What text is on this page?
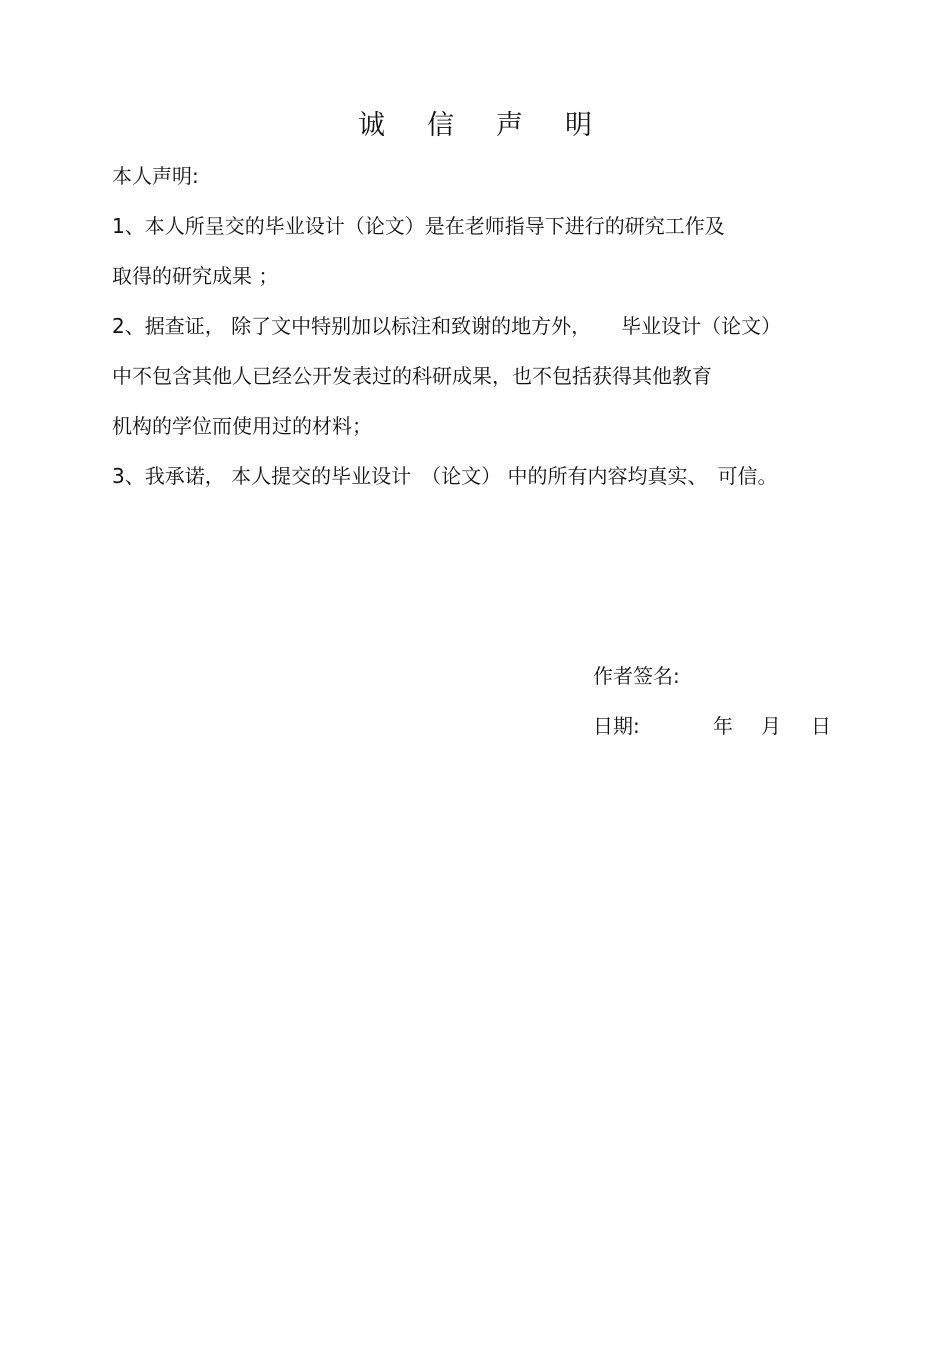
诚信声明
本人声明:
1、本人所呈交的毕业设计（论文）是在老师指导下进行的研究工作及
取得的研究成果 ；
2、据查证， 除了文中特别加以标注和致谢的地方外，　　毕业设计（论文）
中不包含其他人已经公开发表过的科研成果，也不包括获得其他教育
机构的学位而使用过的材料；
3、我承诺， 本人提交的毕业设计　（论文） 中的所有内容均真实、　可信。
作者签名:
日期:	年 月 日
